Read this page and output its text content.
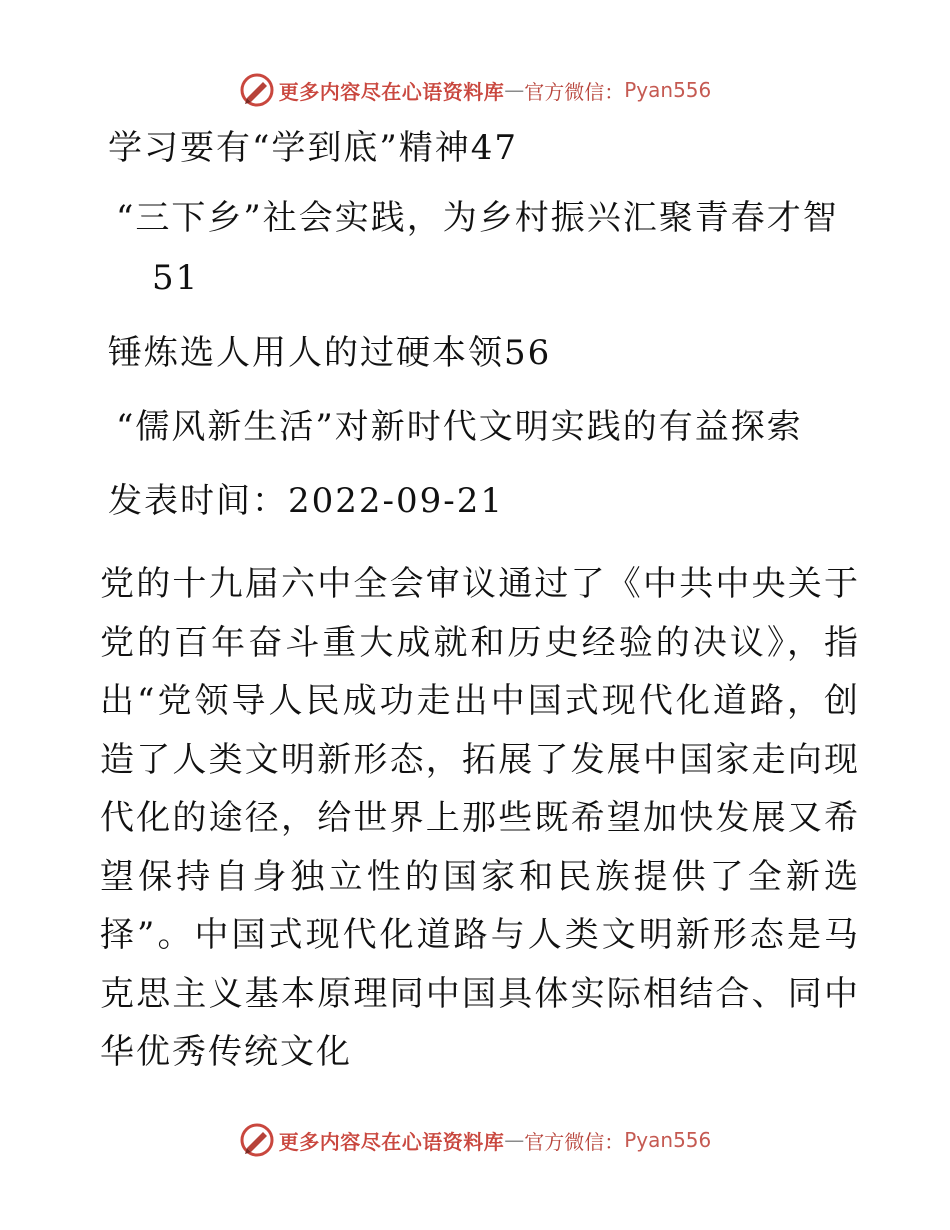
更多内容尽在心语资料库 — 官方微信： Pyan556
学习要有“学到底”精神47
“三下乡”社会实践，为乡村振兴汇聚青春才智
51
锤炼选人用人的过硬本领56
“儒风新生活”对新时代文明实践的有益探索
发表时间：2022-09-21
党的十九届六中全会审议通过了《中共中央关于党的百年奋斗重大成就和历史经验的决议》，指出“党领导人民成功走出中国式现代化道路，创造了人类文明新形态，拓展了发展中国家走向现代化的途径，给世界上那些既希望加快发展又希望保持自身独立性的国家和民族提供了全新选择”。中国式现代化道路与人类文明新形态是马克思主义基本原理同中国具体实际相结合、同中华优秀传统文化
更多内容尽在心语资料库 — 官方微信： Pyan556
